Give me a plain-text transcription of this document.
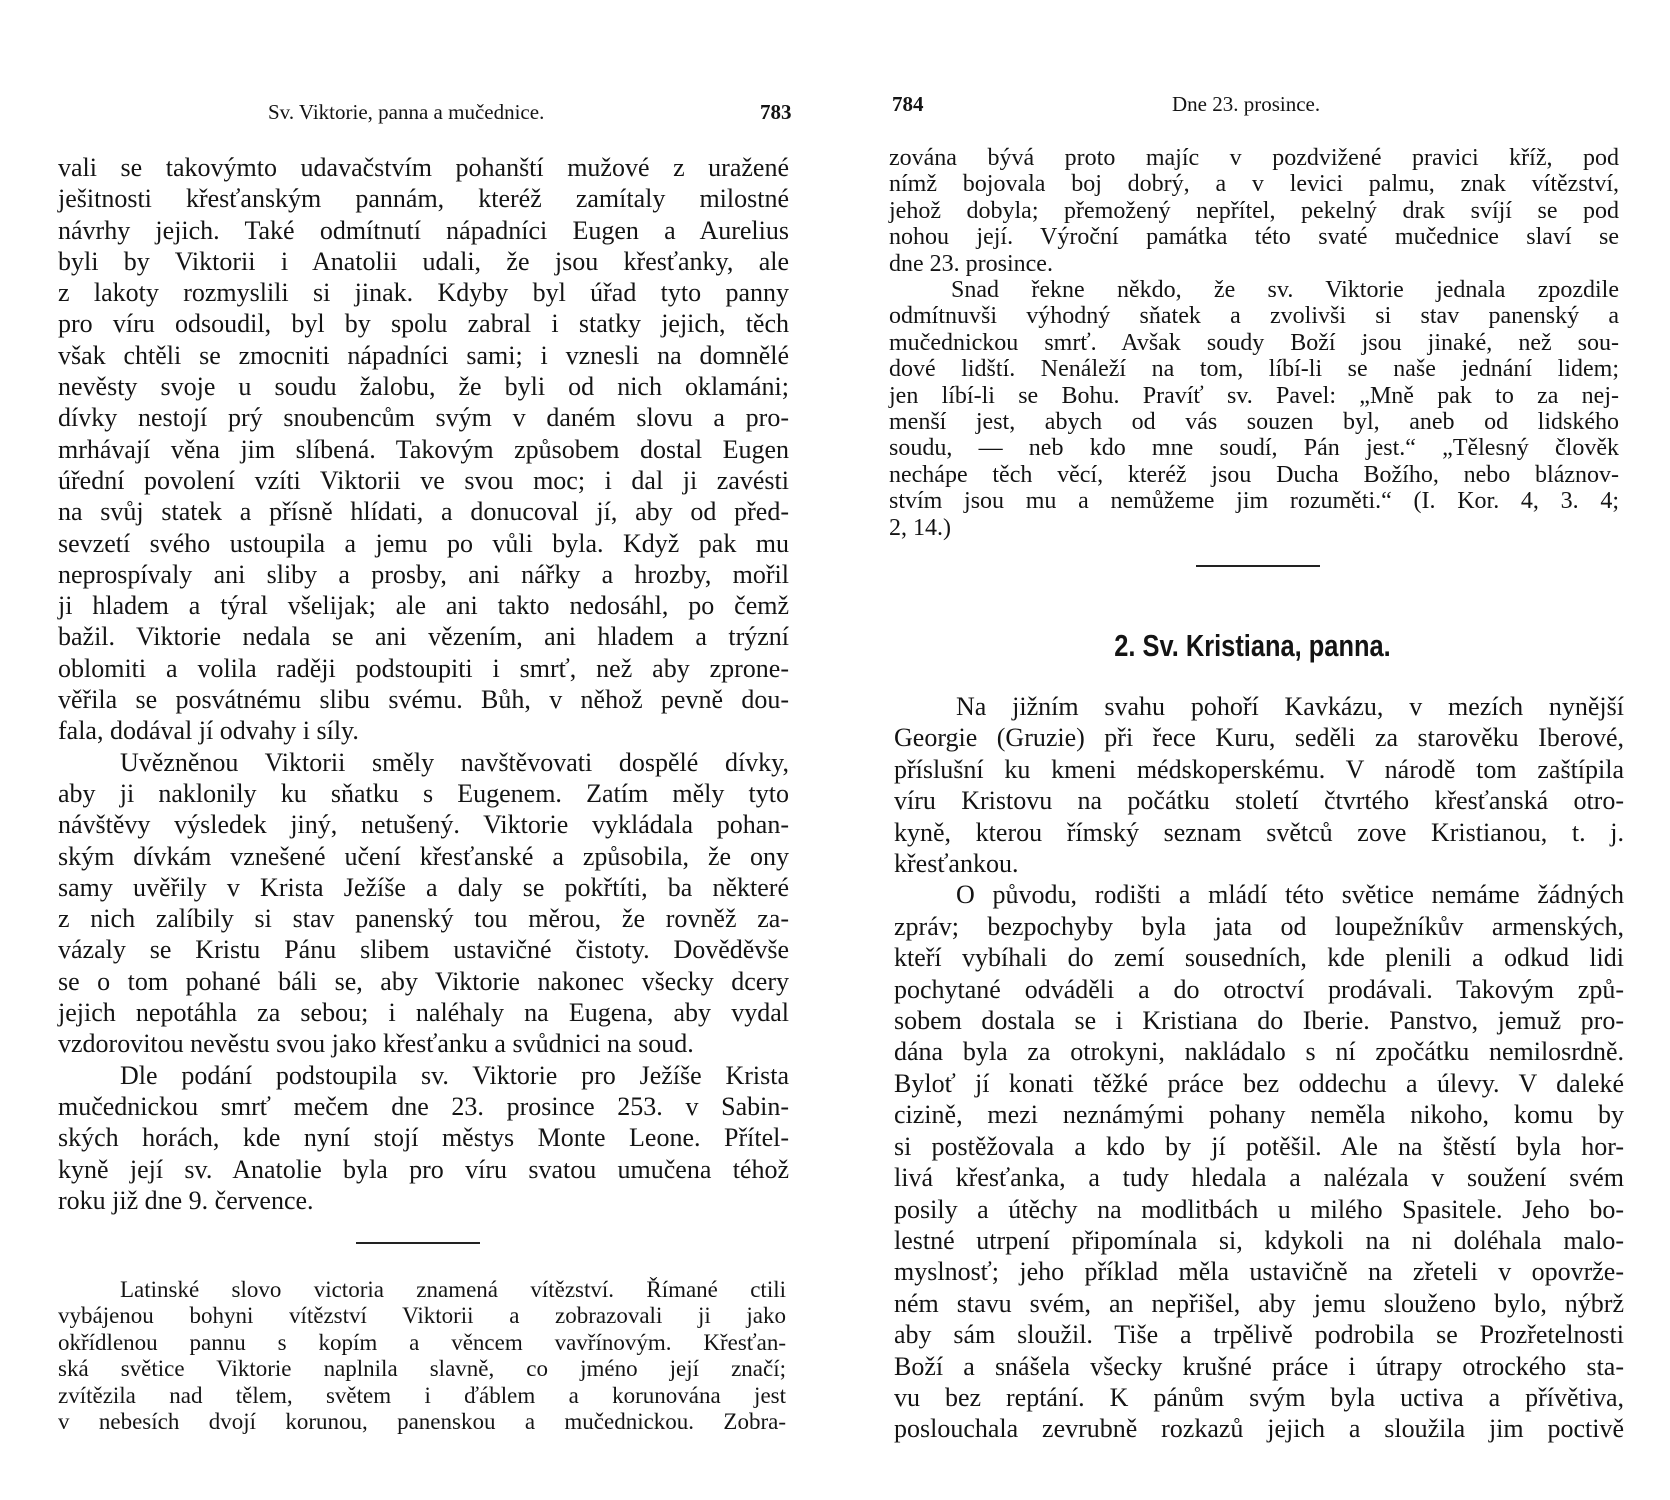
Sv. Viktorie, panna a mučednice.	783
vali se takovýmto udavačstvím pohanští mužové z uražené
ješitnosti křesťanským pannám, kteréž zamítaly milostné
návrhy jejich. Také odmítnutí nápadníci Eugen a Aurelius
byli by Viktorii i Anatolii udali, že jsou křesťanky, ale
z lakoty rozmyslili si jinak. Kdyby byl úřad tyto panny
pro víru odsoudil, byl by spolu zabral i statky jejich, těch
však chtěli se zmocniti nápadníci sami; i vznesli na domnělé
nevěsty svoje u soudu žalobu, že byli od nich oklamáni;
dívky nestojí prý snoubencům svým v daném slovu a pro-
mrhávají věna jim slíbená. Takovým způsobem dostal Eugen
úřední povolení vzíti Viktorii ve svou moc; i dal ji zavésti
na svůj statek a přísně hlídati, a donucoval jí, aby od před-
sevzetí svého ustoupila a jemu po vůli byla. Když pak mu
neprospívaly ani sliby a prosby, ani nářky a hrozby, mořil
ji hladem a týral všelijak; ale ani takto nedosáhl, po čemž
bažil. Viktorie nedala se ani vězením, ani hladem a trýzní
oblomiti a volila raději podstoupiti i smrť, než aby zprone-
věřila se posvátnému slibu svému. Bůh, v něhož pevně dou-
fala, dodával jí odvahy i síly.
Uvězněnou Viktorii směly navštěvovati dospělé dívky,
aby ji naklonily ku sňatku s Eugenem. Zatím měly tyto
návštěvy výsledek jiný, netušený. Viktorie vykládala pohan-
ským dívkám vznešené učení křesťanské a způsobila, že ony
samy uvěřily v Krista Ježíše a daly se pokřtíti, ba některé
z nich zalíbily si stav panenský tou měrou, že rovněž za-
vázaly se Kristu Pánu slibem ustavičné čistoty. Dověděvše
se o tom pohané báli se, aby Viktorie nakonec všecky dcery
jejich nepotáhla za sebou; i naléhaly na Eugena, aby vydal
vzdorovitou nevěstu svou jako křesťanku a svůdnici na soud.
Dle podání podstoupila sv. Viktorie pro Ježíše Krista
mučednickou smrť mečem dne 23. prosince 253. v Sabin-
ských horách, kde nyní stojí městys Monte Leone. Přítel-
kyně její sv. Anatolie byla pro víru svatou umučena téhož
roku již dne 9. července.
Latinské slovo victoria znamená vítězství. Římané ctili
vybájenou bohyni vítězství Viktorii a zobrazovali ji jako
okřídlenou pannu s kopím a věncem vavřínovým. Křesťan-
ská světice Viktorie naplnila slavně, co jméno její značí;
zvítězila nad tělem, světem i ďáblem a korunována jest
v nebesích dvojí korunou, panenskou a mučednickou. Zobra-
784	Dne 23. prosince.
zována bývá proto majíc v pozdvižené pravici kříž, pod
nímž bojovala boj dobrý, a v levici palmu, znak vítězství,
jehož dobyla; přemožený nepřítel, pekelný drak svíjí se pod
nohou její. Výroční památka této svaté mučednice slaví se
dne 23. prosince.
Snad řekne někdo, že sv. Viktorie jednala zpozdile
odmítnuvši výhodný sňatek a zvolivši si stav panenský a
mučednickou smrť. Avšak soudy Boží jsou jinaké, než sou-
dové lidští. Nenáleží na tom, líbí-li se naše jednání lidem;
jen líbí-li se Bohu. Pravíť sv. Pavel: „Mně pak to za nej-
menší jest, abych od vás souzen byl, aneb od lidského
soudu, — neb kdo mne soudí, Pán jest.“ „Tělesný člověk
nechápe těch věcí, kteréž jsou Ducha Božího, nebo bláznov-
stvím jsou mu a nemůžeme jim rozuměti.“ (I. Kor. 4, 3. 4;
2, 14.)
2. Sv. Kristiana, panna.
Na jižním svahu pohoří Kavkázu, v mezích nynější
Georgie (Gruzie) při řece Kuru, seděli za starověku Iberové,
příslušní ku kmeni médskoperskému. V národě tom zaštípila
víru Kristovu na počátku století čtvrtého křesťanská otro-
kyně, kterou římský seznam světců zove Kristianou, t. j.
křesťankou.
O původu, rodišti a mládí této světice nemáme žádných
zpráv; bezpochyby byla jata od loupežníkův armenských,
kteří vybíhali do zemí sousedních, kde plenili a odkud lidi
pochytané odváděli a do otroctví prodávali. Takovým způ-
sobem dostala se i Kristiana do Iberie. Panstvo, jemuž pro-
dána byla za otrokyni, nakládalo s ní zpočátku nemilosrdně.
Byloť jí konati těžké práce bez oddechu a úlevy. V daleké
cizině, mezi neznámými pohany neměla nikoho, komu by
si postěžovala a kdo by jí potěšil. Ale na štěstí byla hor-
livá křesťanka, a tudy hledala a nalézala v soužení svém
posily a útěchy na modlitbách u milého Spasitele. Jeho bo-
lestné utrpení připomínala si, kdykoli na ni doléhala malo-
myslnosť; jeho příklad měla ustavičně na zřeteli v opovrže-
ném stavu svém, an nepřišel, aby jemu slouženo bylo, nýbrž
aby sám sloužil. Tiše a trpělivě podrobila se Prozřetelnosti
Boží a snášela všecky krušné práce i útrapy otrockého sta-
vu bez reptání. K pánům svým byla uctiva a přívětiva,
poslouchala zevrubně rozkazů jejich a sloužila jim poctivě
